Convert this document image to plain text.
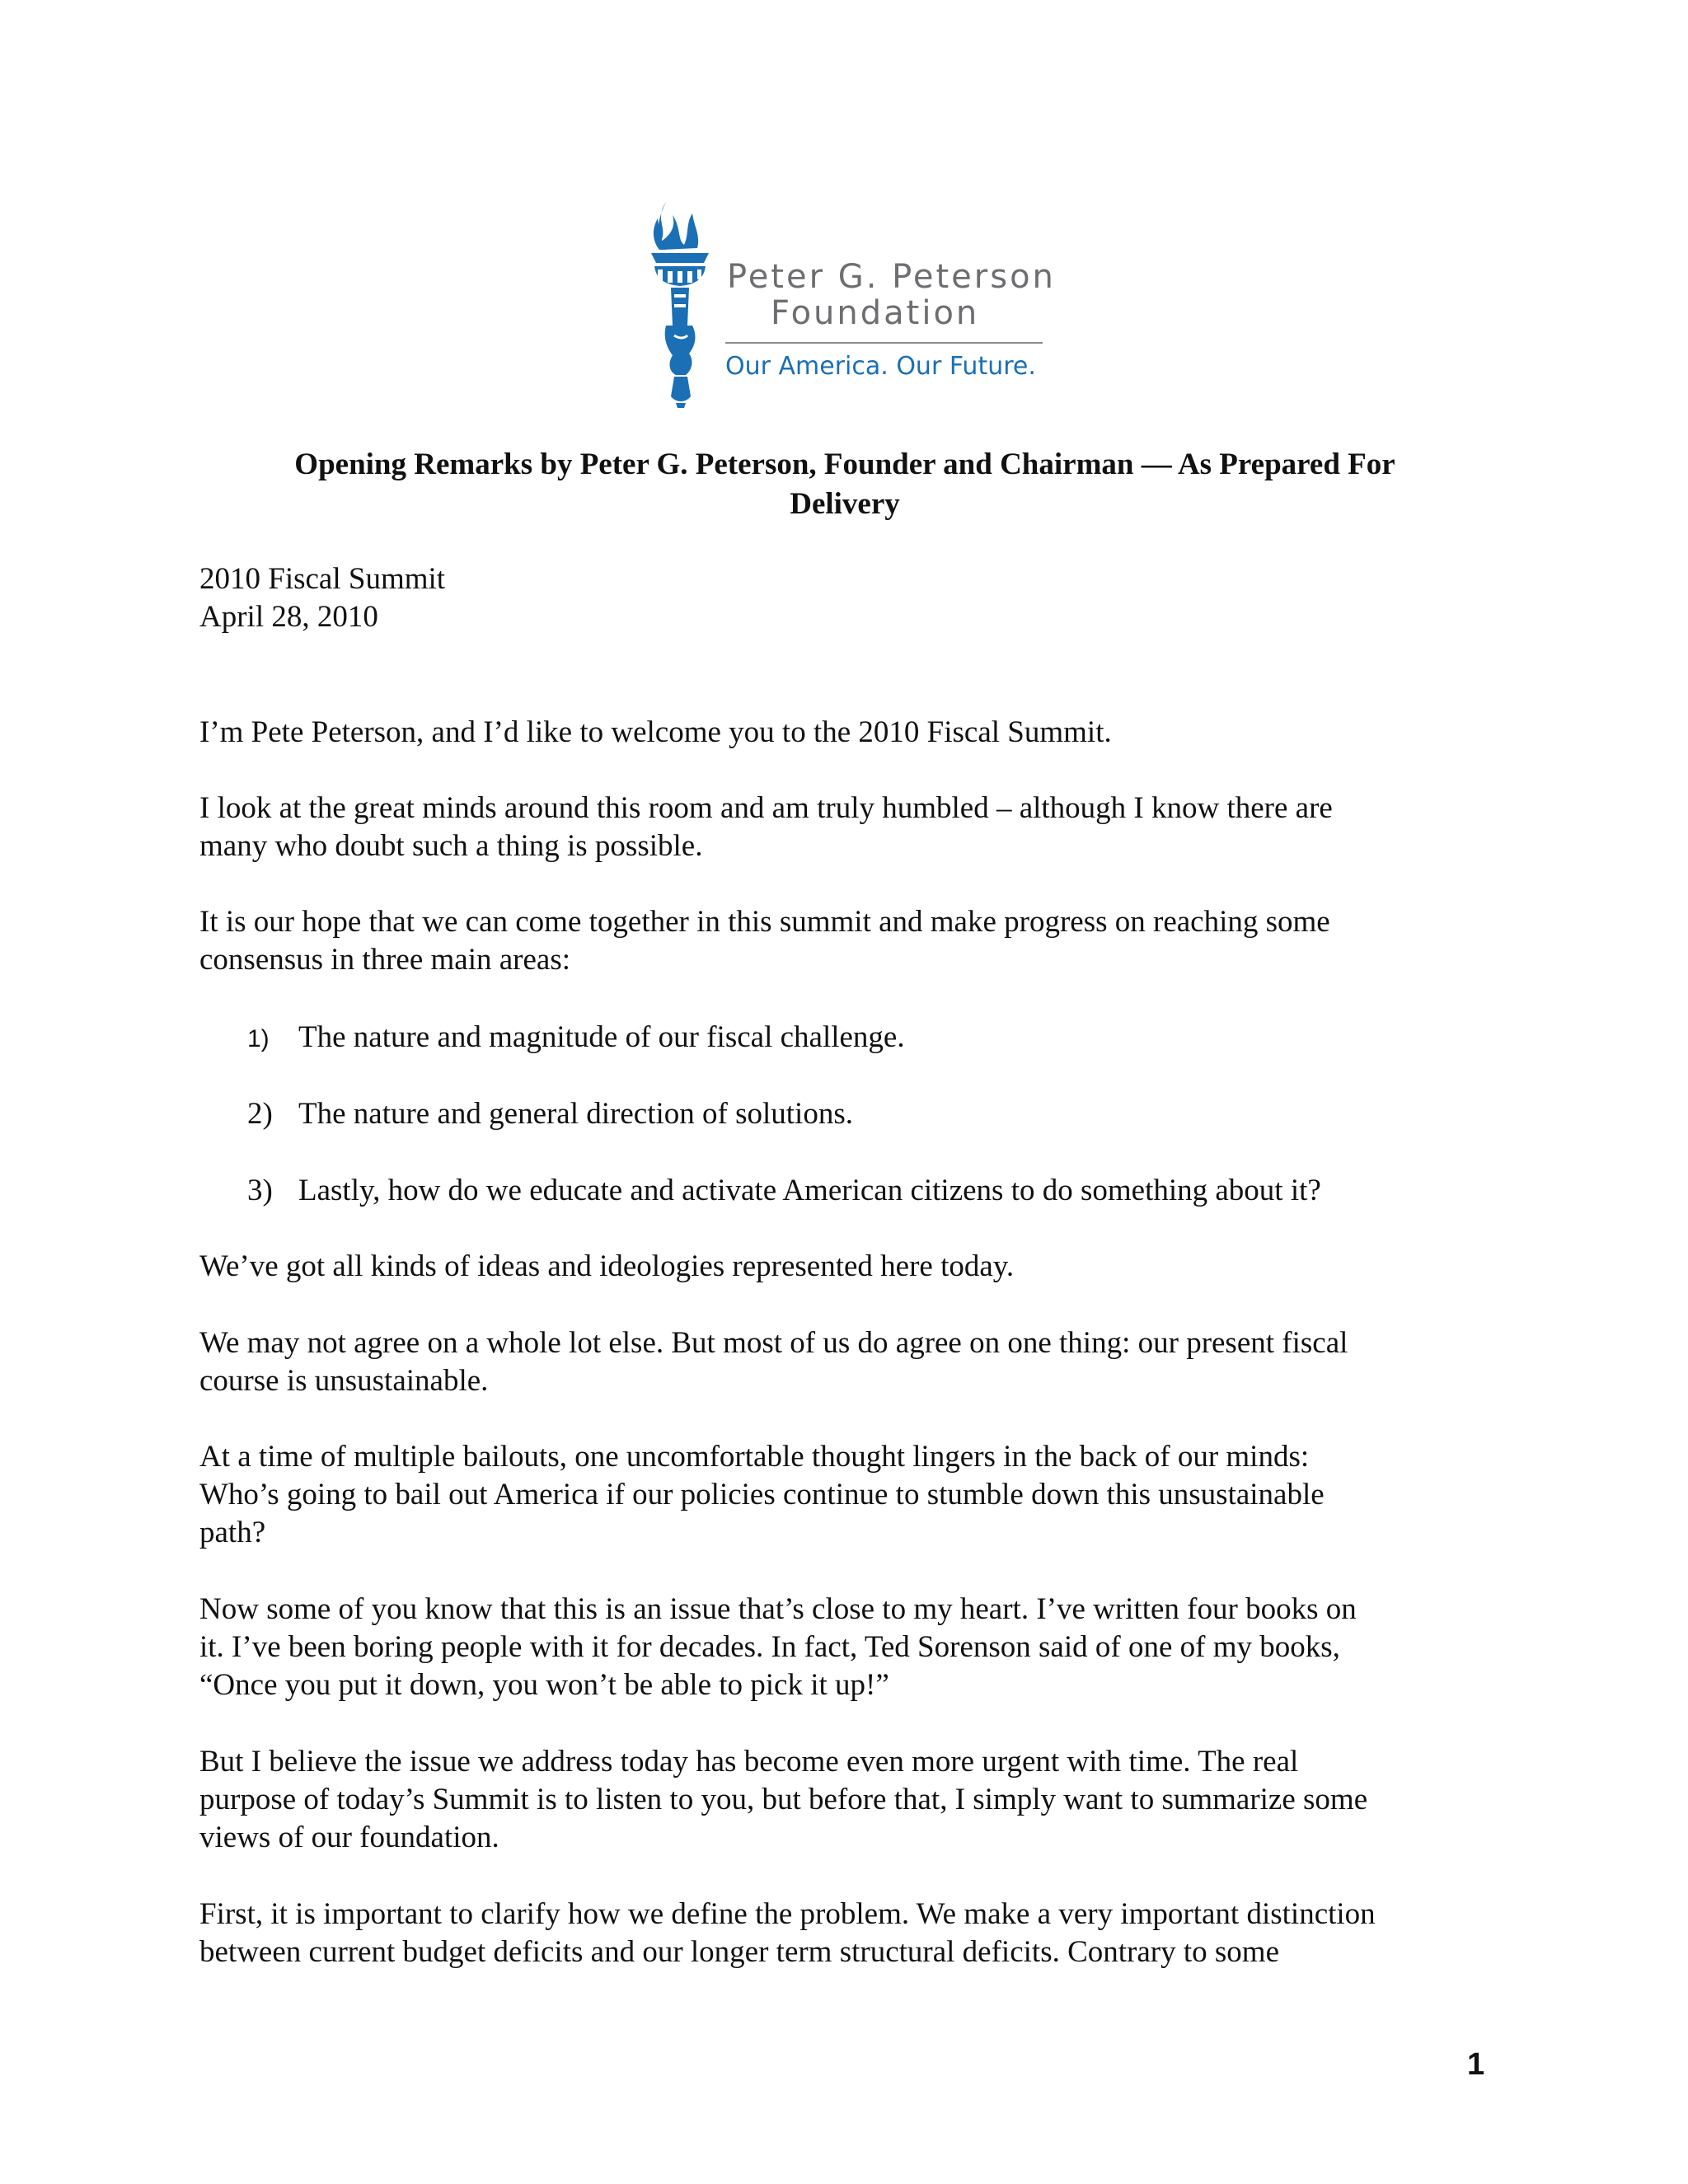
Peter G. Peterson
Foundation
Our America. Our Future.
Opening Remarks by Peter G. Peterson, Founder and Chairman — As Prepared For
Delivery
2010 Fiscal Summit
April 28, 2010
I’m Pete Peterson, and I’d like to welcome you to the 2010 Fiscal Summit.
I look at the great minds around this room and am truly humbled – although I know there are
many who doubt such a thing is possible.
It is our hope that we can come together in this summit and make progress on reaching some
consensus in three main areas:
1) The nature and magnitude of our fiscal challenge.
2) The nature and general direction of solutions.
3) Lastly, how do we educate and activate American citizens to do something about it?
We’ve got all kinds of ideas and ideologies represented here today.
We may not agree on a whole lot else. But most of us do agree on one thing: our present fiscal
course is unsustainable.
At a time of multiple bailouts, one uncomfortable thought lingers in the back of our minds:
Who’s going to bail out America if our policies continue to stumble down this unsustainable
path?
Now some of you know that this is an issue that’s close to my heart. I’ve written four books on
it. I’ve been boring people with it for decades. In fact, Ted Sorenson said of one of my books,
“Once you put it down, you won’t be able to pick it up!”
But I believe the issue we address today has become even more urgent with time. The real
purpose of today’s Summit is to listen to you, but before that, I simply want to summarize some
views of our foundation.
First, it is important to clarify how we define the problem. We make a very important distinction
between current budget deficits and our longer term structural deficits. Contrary to some
1
